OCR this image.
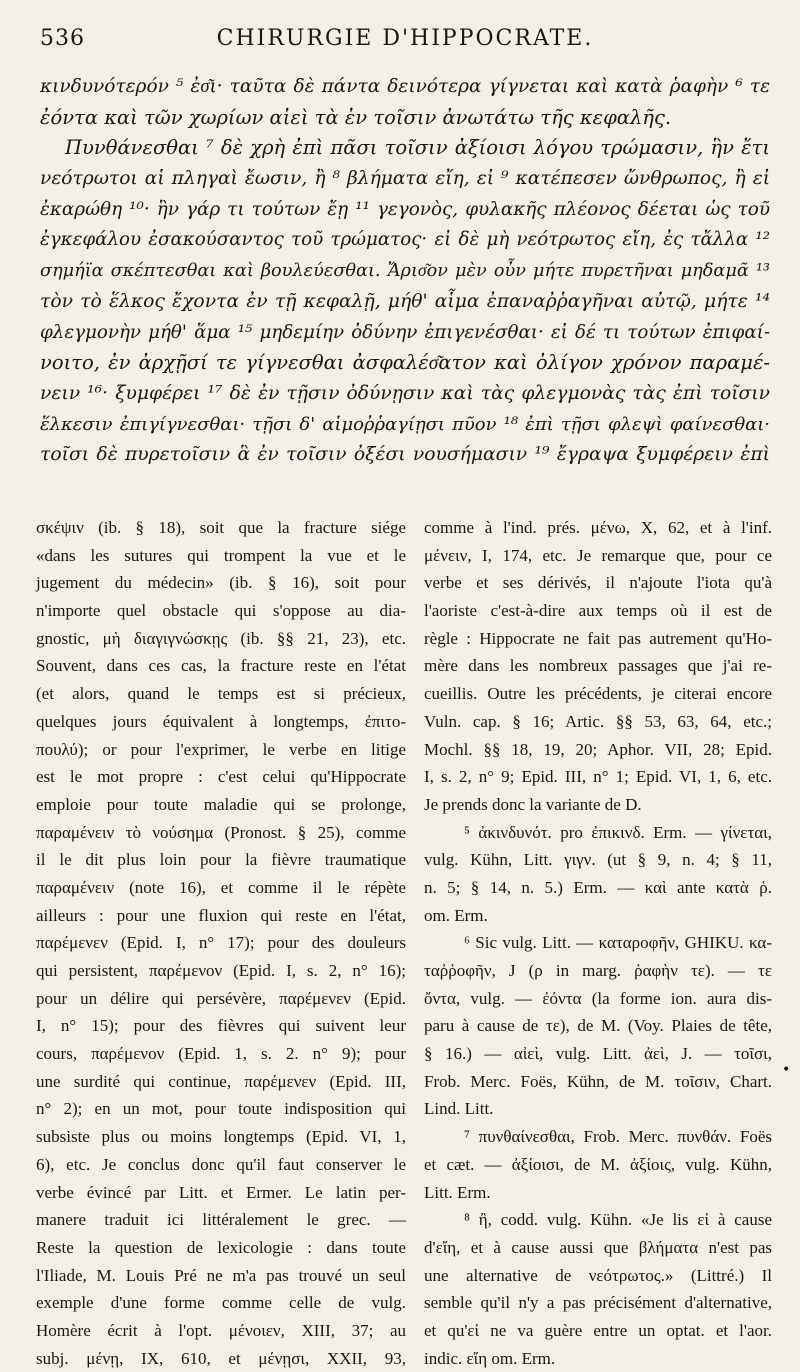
536	CHIRURGIE D'HIPPOCRATE.
κινδυνότερόν ⁵ ἐσ͂ι· ταῦτα δὲ πάντα δεινότερα γίγνεται καὶ κατὰ ῥαφὴν ⁶ τε
ἐόντα καὶ τῶν χωρίων αἰεὶ τὰ ἐν τοῖσιν ἀνωτάτω τῆς κεφαλῆς.
Πυνθάνεσθαι ⁷ δὲ χρὴ ἐπὶ πᾶσι τοῖσιν ἀξίοισι λόγου τρώμασιν, ἣν ἔτι
νεότρωτοι αἱ πληγαὶ ἔωσιν, ἢ ⁸ βλήματα εἴη, εἰ ⁹ κατέπεσεν ὤνθρωπος, ἢ εἰ
ἐκαρώθη ¹⁰· ἣν γάρ τι τούτων ἔῃ ¹¹ γεγονὸς, φυλακῆς πλέονος δέεται ὡς τοῦ
ἐγκεφάλου ἐσακούσαντος τοῦ τρώματος· εἰ δὲ μὴ νεότρωτος εἴη, ἐς τἄλλα ¹²
σημήϊα σκέπτεσθαι καὶ βουλεύεσθαι. Ἄρισ͂ον μὲν οὖν μήτε πυρετῆναι μηδαμᾶ ¹³
τὸν τὸ ἕλκος ἔχοντα ἐν τῇ κεφαλῇ, μήθ' αἷμα ἐπαναῤῥαγῆναι αὐτῷ, μήτε ¹⁴
φλεγμονὴν μήθ' ἅμα ¹⁵ μηδεμίην ὀδύνην ἐπιγενέσθαι· εἰ δέ τι τούτων ἐπιφαί-
νοιτο, ἐν ἀρχῇσί τε γίγνεσθαι ἀσφαλέσ͂ατον καὶ ὀλίγον χρόνον παραμέ-
νειν ¹⁶· ξυμφέρει ¹⁷ δὲ ἐν τῇσιν ὀδύνῃσιν καὶ τὰς φλεγμονὰς τὰς ἐπὶ τοῖσιν
ἕλκεσιν ἐπιγίγνεσθαι· τῇσι δ' αἱμοῤῥαγίῃσι πῦον ¹⁸ ἐπὶ τῇσι φλεψὶ φαίνεσθαι·
τοῖσι δὲ πυρετοῖσιν ἃ ἐν τοῖσιν ὀξέσι νουσήμασιν ¹⁹ ἔγραψα ξυμφέρειν ἐπὶ
σκέψιν (ib. § 18), soit que la fracture siége
«dans les sutures qui trompent la vue et le
jugement du médecin» (ib. § 16), soit pour
n'importe quel obstacle qui s'oppose au dia-
gnostic, μὴ διαγιγνώσκῃς (ib. §§ 21, 23), etc.
Souvent, dans ces cas, la fracture reste en l'état
(et alors, quand le temps est si précieux,
quelques jours équivalent à longtemps, ἐπιτο-
πουλύ); or pour l'exprimer, le verbe en litige
est le mot propre : c'est celui qu'Hippocrate
emploie pour toute maladie qui se prolonge,
παραμένειν τὸ νούσημα (Pronost. § 25), comme
il le dit plus loin pour la fièvre traumatique
παραμένειν (note 16), et comme il le répète
ailleurs : pour une fluxion qui reste en l'état,
παρέμενεν (Epid. I, n° 17); pour des douleurs
qui persistent, παρέμενον (Epid. I, s. 2, n° 16);
pour un délire qui persévère, παρέμενεν (Epid.
I, n° 15); pour des fièvres qui suivent leur
cours, παρέμενον (Epid. 1, s. 2. n° 9); pour
une surdité qui continue, παρέμενεν (Epid. III,
n° 2); en un mot, pour toute indisposition qui
subsiste plus ou moins longtemps (Epid. VI, 1,
6), etc. Je conclus donc qu'il faut conserver le
verbe évincé par Litt. et Ermer. Le latin per-
manere traduit ici littéralement le grec. —
Reste la question de lexicologie : dans toute
l'Iliade, M. Louis Pré ne m'a pas trouvé un seul
exemple d'une forme comme celle de vulg.
Homère écrit à l'opt. μένοιεν, XIII, 37; au
subj. μένῃ, IX, 610, et μένῃσι, XXII, 93,
comme à l'ind. prés. μένω, X, 62, et à l'inf.
μένειν, I, 174, etc. Je remarque que, pour ce
verbe et ses dérivés, il n'ajoute l'iota qu'à
l'aoriste c'est-à-dire aux temps où il est de
règle : Hippocrate ne fait pas autrement qu'Ho-
mère dans les nombreux passages que j'ai re-
cueillis. Outre les précédents, je citerai encore
Vuln. cap. § 16; Artic. §§ 53, 63, 64, etc.;
Mochl. §§ 18, 19, 20; Aphor. VII, 28; Epid.
I, s. 2, n° 9; Epid. III, n° 1; Epid. VI, 1, 6, etc.
Je prends donc la variante de D.
⁵ ἀκινδυνότ. pro ἐπικινδ. Erm. — γίνεται,
vulg. Kühn, Litt. γιγν. (ut § 9, n. 4; § 11,
n. 5; § 14, n. 5.) Erm. — καὶ ante κατὰ ῥ.
om. Erm.
⁶ Sic vulg. Litt. — καταροφῆν, GHIKU. κα-
ταῤῥοφῆν, J (ρ in marg. ῥαφὴν τε). — τε
ὄντα, vulg. — ἐόντα (la forme ion. aura dis-
paru à cause de τε), de M. (Voy. Plaies de tête,
§ 16.) — αἰεὶ, vulg. Litt. ἀεὶ, J. — τοῖσι,
Frob. Merc. Foës, Kühn, de M. τοῖσιν, Chart.
Lind. Litt.
⁷ πυνθαίνεσθαι, Frob. Merc. πυνθάν. Foës
et cæt. — ἀξίοισι, de M. ἀξίοις, vulg. Kühn,
Litt. Erm.
⁸ ἢ, codd. vulg. Kühn. «Je lis εἰ à cause
d'εἴη, et à cause aussi que βλήματα n'est pas
une alternative de νεότρωτος.» (Littré.) Il
semble qu'il n'y a pas précisément d'alternative,
et qu'εἰ ne va guère entre un optat. et l'aor.
indic. εἴη om. Erm.
•
